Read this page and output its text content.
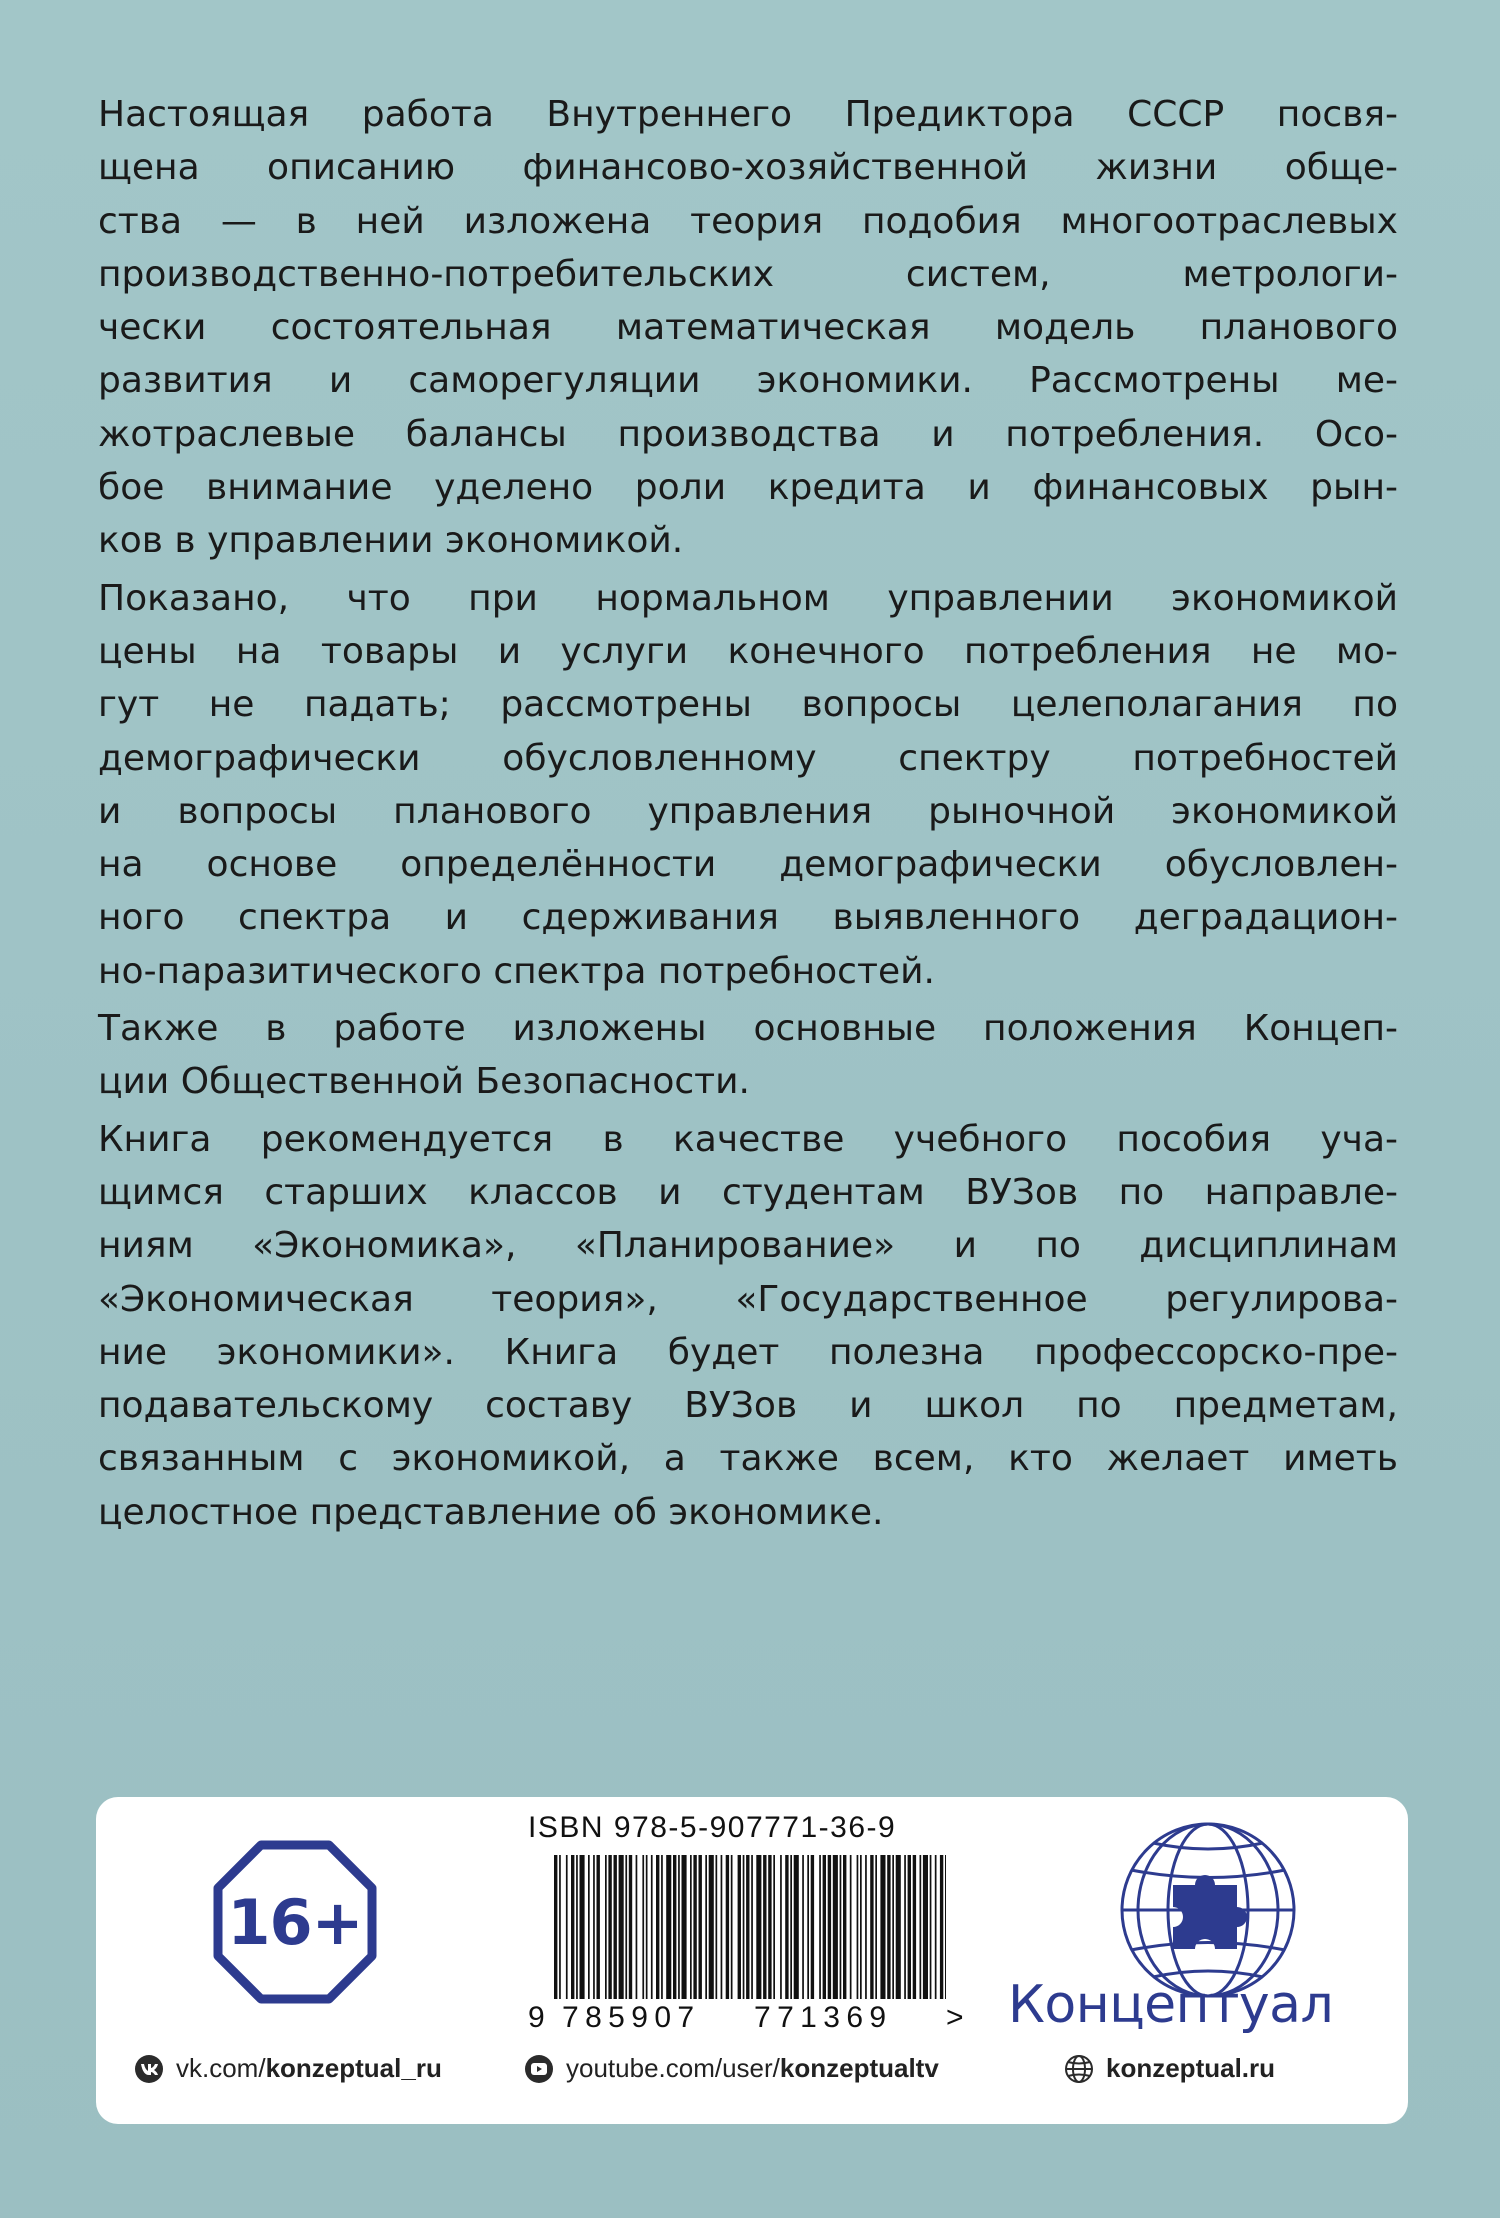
Настоящая работа Внутреннего Предиктора СССР посвя-
щена описанию финансово-хозяйственной жизни обще-
ства — в ней изложена теория подобия многоотраслевых
производственно-потребительских систем, метрологи-
чески состоятельная математическая модель планового
развития и саморегуляции экономики. Рассмотрены ме-
жотраслевые балансы производства и потребления. Осо-
бое внимание уделено роли кредита и финансовых рын-
ков в управлении экономикой.
Показано, что при нормальном управлении экономикой
цены на товары и услуги конечного потребления не мо-
гут не падать; рассмотрены вопросы целеполагания по
демографически обусловленному спектру потребностей
и вопросы планового управления рыночной экономикой
на основе определённости демографически обусловлен-
ного спектра и сдерживания выявленного деградацион-
но-паразитического спектра потребностей.
Также в работе изложены основные положения Концеп-
ции Общественной Безопасности.
Книга рекомендуется в качестве учебного пособия уча-
щимся старших классов и студентам ВУЗов по направле-
ниям «Экономика», «Планирование» и по дисциплинам
«Экономическая теория», «Государственное регулирова-
ние экономики». Книга будет полезна профессорско-пре-
подавательскому составу ВУЗов и школ по предметам,
связанным с экономикой, а также всем, кто желает иметь
целостное представление об экономике.
16+
ISBN 978-5-907771-36-9
9 785907 771369 > Концептуал
vk.com/konzeptual_ru	youtube.com/user/konzeptualtv	konzeptual.ru
